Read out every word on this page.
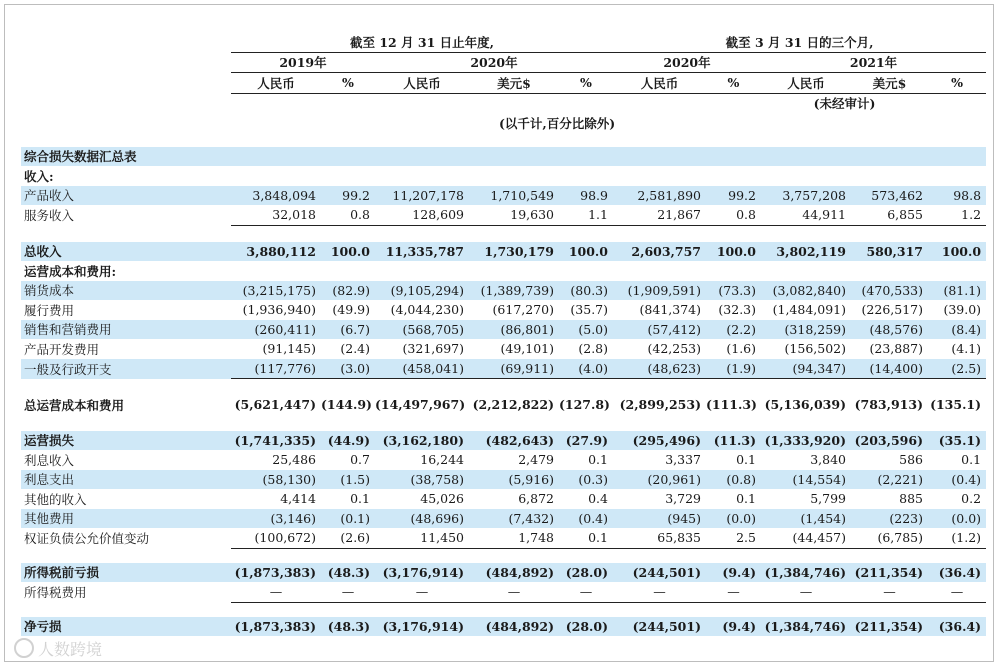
	截至 12 月 31 日止年度,					截至 3 月 31 日的三个月,				
	2019年		2020年			2020年		2021年		
	人民币	%	人民币	美元$	%	人民币	%	人民币	美元$	%
								(未经审计)		
				(以千计,百分比除外)						

综合损失数据汇总表										
收入:										
产品收入	3,848,094	99.2	11,207,178	1,710,549	98.9	2,581,890	99.2	3,757,208	573,462	98.8
服务收入	32,018	0.8	128,609	19,630	1.1	21,867	0.8	44,911	6,855	1.2

总收入	3,880,112	100.0	11,335,787	1,730,179	100.0	2,603,757	100.0	3,802,119	580,317	100.0
运营成本和费用:										
销货成本	(3,215,175)	(82.9)	(9,105,294)	(1,389,739)	(80.3)	(1,909,591)	(73.3)	(3,082,840)	(470,533)	(81.1)
履行费用	(1,936,940)	(49.9)	(4,044,230)	(617,270)	(35.7)	(841,374)	(32.3)	(1,484,091)	(226,517)	(39.0)
销售和营销费用	(260,411)	(6.7)	(568,705)	(86,801)	(5.0)	(57,412)	(2.2)	(318,259)	(48,576)	(8.4)
产品开发费用	(91,145)	(2.4)	(321,697)	(49,101)	(2.8)	(42,253)	(1.6)	(156,502)	(23,887)	(4.1)
一般及行政开支	(117,776)	(3.0)	(458,041)	(69,911)	(4.0)	(48,623)	(1.9)	(94,347)	(14,400)	(2.5)

总运营成本和费用	(5,621,447)	(144.9)	(14,497,967)	(2,212,822)	(127.8)	(2,899,253)	(111.3)	(5,136,039)	(783,913)	(135.1)

运营损失	(1,741,335)	(44.9)	(3,162,180)	(482,643)	(27.9)	(295,496)	(11.3)	(1,333,920)	(203,596)	(35.1)
利息收入	25,486	0.7	16,244	2,479	0.1	3,337	0.1	3,840	586	0.1
利息支出	(58,130)	(1.5)	(38,758)	(5,916)	(0.3)	(20,961)	(0.8)	(14,554)	(2,221)	(0.4)
其他的收入	4,414	0.1	45,026	6,872	0.4	3,729	0.1	5,799	885	0.2
其他费用	(3,146)	(0.1)	(48,696)	(7,432)	(0.4)	(945)	(0.0)	(1,454)	(223)	(0.0)
权证负债公允价值变动	(100,672)	(2.6)	11,450	1,748	0.1	65,835	2.5	(44,457)	(6,785)	(1.2)

所得税前亏损	(1,873,383)	(48.3)	(3,176,914)	(484,892)	(28.0)	(244,501)	(9.4)	(1,384,746)	(211,354)	(36.4)
所得税费用	—	—	—	—	—	—	—	—	—	—

净亏损	(1,873,383)	(48.3)	(3,176,914)	(484,892)	(28.0)	(244,501)	(9.4)	(1,384,746)	(211,354)	(36.4)
人数跨境
